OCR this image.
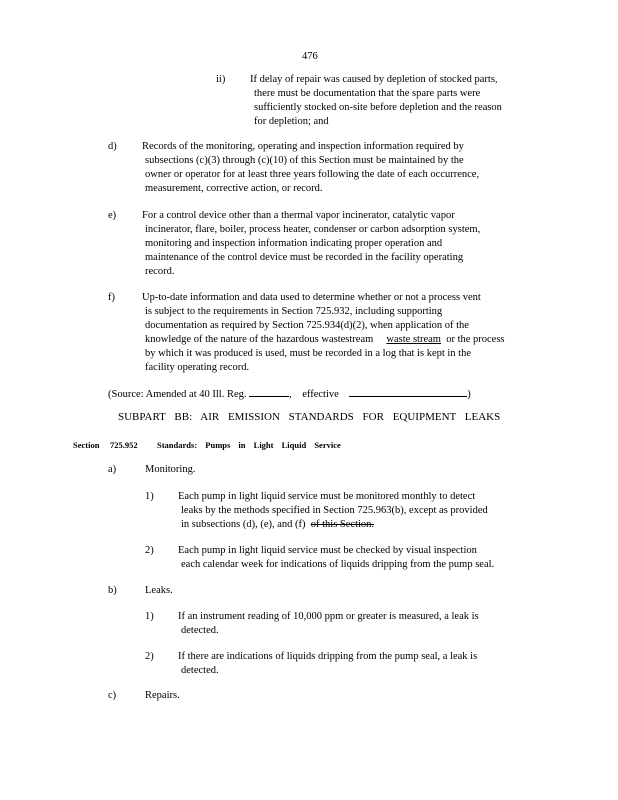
476
ii) If delay of repair was caused by depletion of stocked parts,
there must be documentation that the spare parts were
sufficiently stocked on-site before depletion and the reason
for depletion; and
d) Records of the monitoring, operating and inspection information required by
subsections (c)(3) through (c)(10) of this Section must be maintained by the
owner or operator for at least three years following the date of each occurrence,
measurement, corrective action, or record.
e) For a control device other than a thermal vapor incinerator, catalytic vapor
incinerator, flare, boiler, process heater, condenser or carbon adsorption system,
monitoring and inspection information indicating proper operation and
maintenance of the control device must be recorded in the facility operating
record.
f)	Up-to-date information and data used to determine whether or not a process vent
is subject to the requirements in Section 725.932, including supporting
documentation as required by Section 725.934(d)(2), when application of the
knowledge of the nature of the hazardous wastestream waste stream or the process
by which it was produced is used, must be recorded in a log that is kept in the
facility operating record.
(Source: Amended at 40 Ill. Reg.	, effective	)
SUBPART BB: AIR EMISSION STANDARDS FOR EQUIPMENT LEAKS
Section 725.952 Standards: Pumps in Light Liquid Service
a)	Monitoring.
1) Each pump in light liquid service must be monitored monthly to detect
leaks by the methods specified in Section 725.963(b), except as provided
in subsections (d), (e), and (f) of this Section.
2) Each pump in light liquid service must be checked by visual inspection
each calendar week for indications of liquids dripping from the pump seal.
b)	Leaks.
1) If an instrument reading of 10,000 ppm or greater is measured, a leak is
detected.
2) If there are indications of liquids dripping from the pump seal, a leak is
detected.
c)	Repairs.
